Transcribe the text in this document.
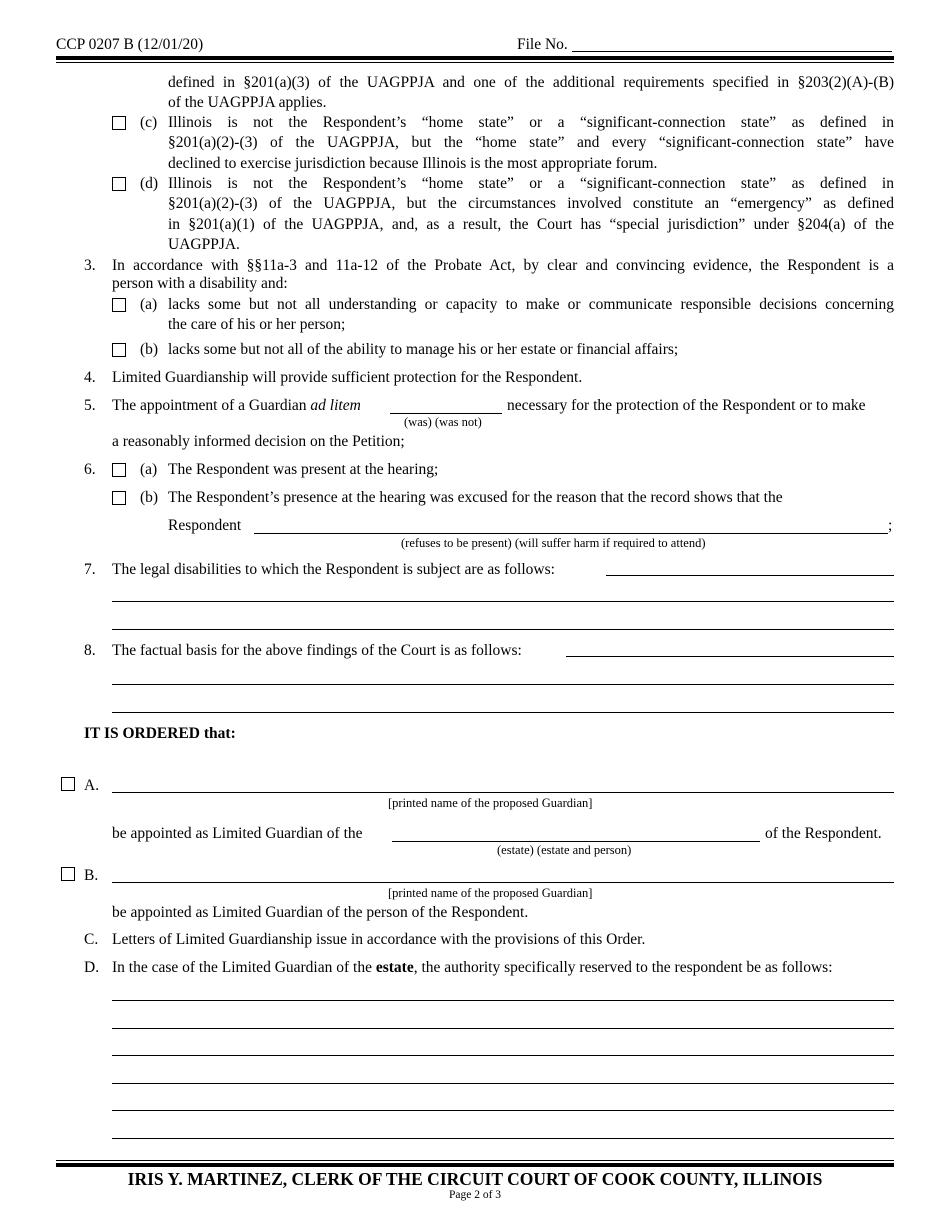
CCP 0207 B (12/01/20)	File No.
defined in §201(a)(3) of the UAGPPJA and one of the additional requirements specified in §203(2)(A)-(B)
of the UAGPPJA applies.
(c) Illinois is not the Respondent’s “home state” or a “significant-connection state” as defined in
§201(a)(2)-(3) of the UAGPPJA, but the “home state” and every “significant-connection state” have
declined to exercise jurisdiction because Illinois is the most appropriate forum.
(d) Illinois is not the Respondent’s “home state” or a “significant-connection state” as defined in
§201(a)(2)-(3) of the UAGPPJA, but the circumstances involved constitute an “emergency” as defined
in §201(a)(1) of the UAGPPJA, and, as a result, the Court has “special jurisdiction” under §204(a) of the
UAGPPJA.
3. In accordance with §§11a-3 and 11a-12 of the Probate Act, by clear and convincing evidence, the Respondent is a
person with a disability and:
(a) lacks some but not all understanding or capacity to make or communicate responsible decisions concerning
the care of his or her person;
(b) lacks some but not all of the ability to manage his or her estate or financial affairs;
4. Limited Guardianship will provide sufficient protection for the Respondent.
5. The appointment of a Guardian ad litem	necessary for the protection of the Respondent or to make
(was) (was not)
a reasonably informed decision on the Petition;
6.	(a) The Respondent was present at the hearing;
(b) The Respondent’s presence at the hearing was excused for the reason that the record shows that the
Respondent	;
(refuses to be present) (will suffer harm if required to attend)
7. The legal disabilities to which the Respondent is subject are as follows:
8. The factual basis for the above findings of the Court is as follows:
IT IS ORDERED that:
A.
[printed name of the proposed Guardian]
be appointed as Limited Guardian of the	of the Respondent.
(estate) (estate and person)
B.
[printed name of the proposed Guardian]
be appointed as Limited Guardian of the person of the Respondent.
C. Letters of Limited Guardianship issue in accordance with the provisions of this Order.
D. In the case of the Limited Guardian of the estate, the authority specifically reserved to the respondent be as follows:
IRIS Y. MARTINEZ, CLERK OF THE CIRCUIT COURT OF COOK COUNTY, ILLINOIS
Page 2 of 3
